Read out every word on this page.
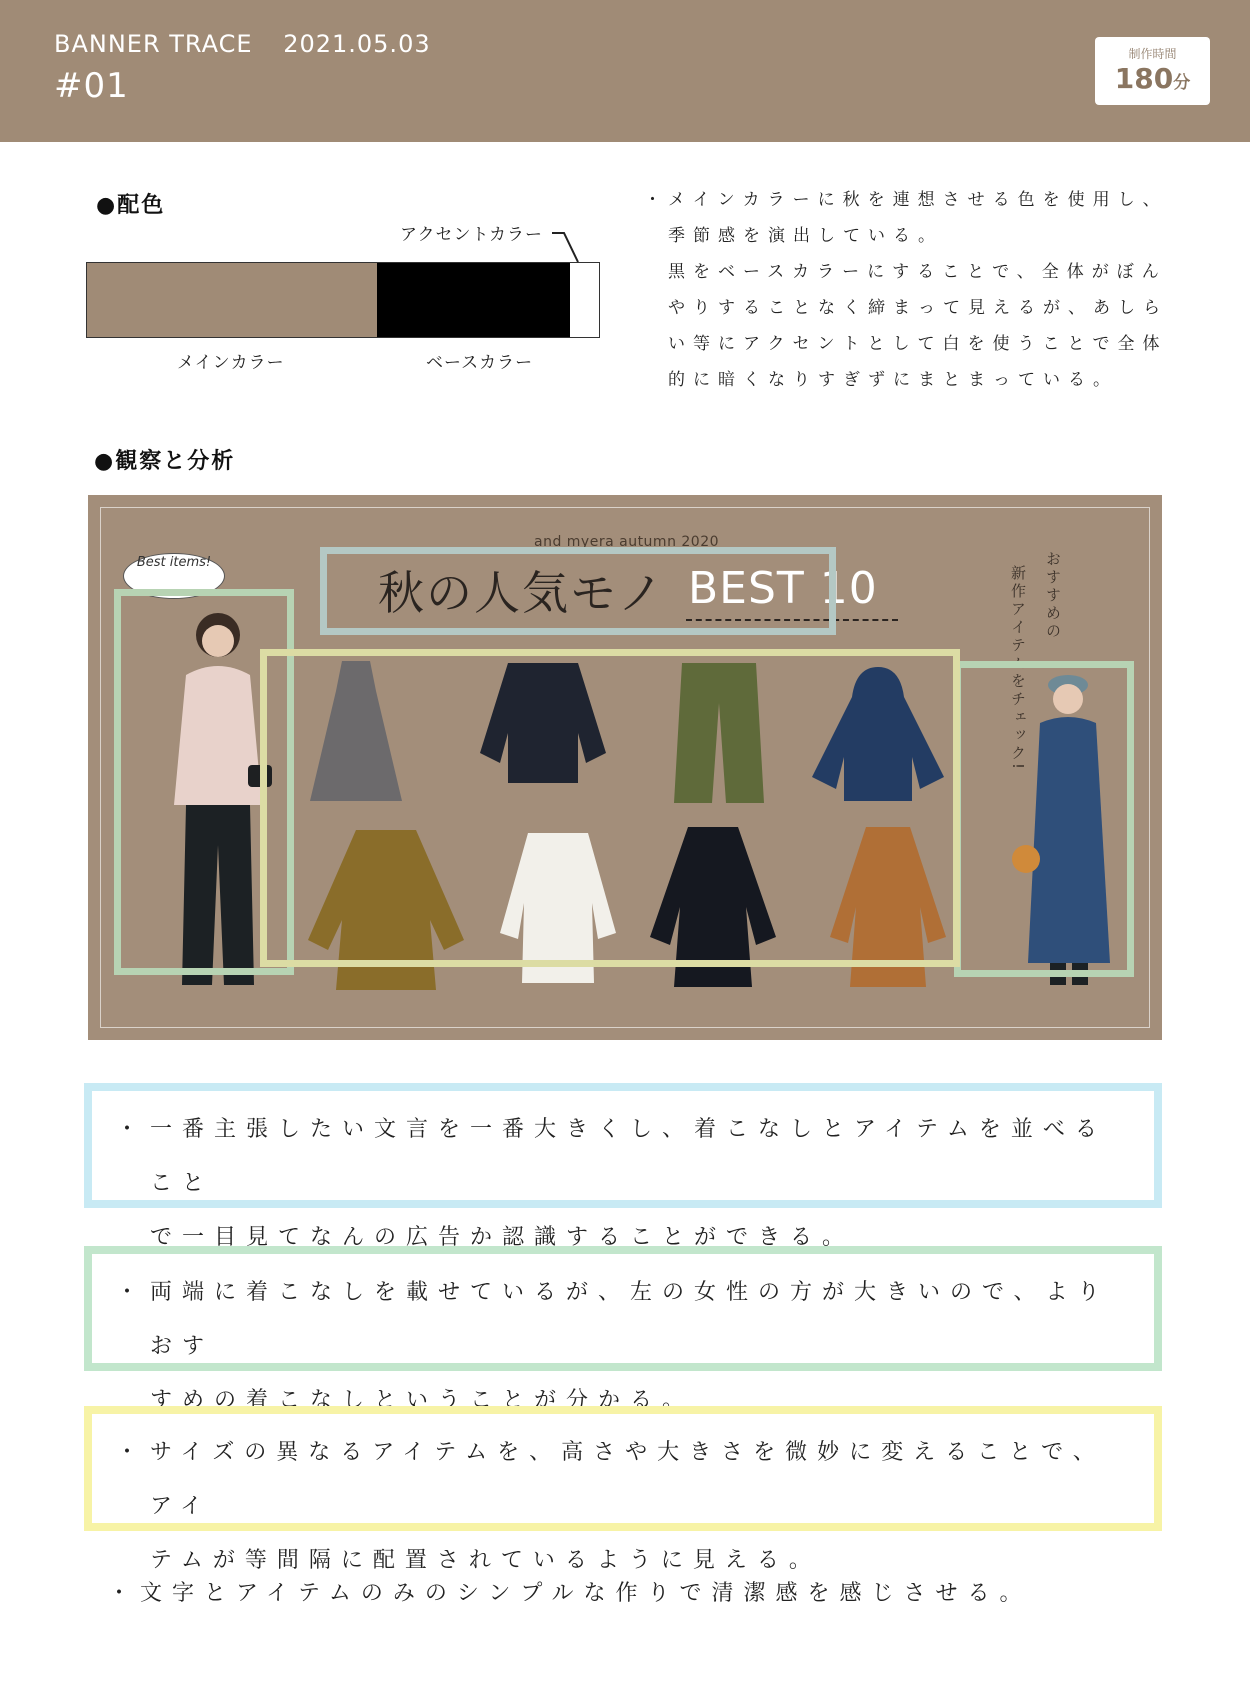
BANNER TRACE 2021.05.03
#01
制作時間
180分
●配色
アクセントカラー
メインカラー	ベースカラー
・ メインカラーに秋を連想させる色を使用し、
季節感を演出している。
黒をベースカラーにすることで、全体がぼん
やりすることなく締まって見えるが、あしら
い等にアクセントとして白を使うことで全体
的に暗くなりすぎずにまとまっている。
●観察と分析
and myera autumn 2020
秋の人気モノ BEST 10	おすすめの
新作アイテムをチェック!
Best items!
・ 一番主張したい文言を一番大きくし、着こなしとアイテムを並べること
で一目見てなんの広告か認識することができる。
・ 両端に着こなしを載せているが、左の女性の方が大きいので、よりおす
すめの着こなしということが分かる。
・ サイズの異なるアイテムを、高さや大きさを微妙に変えることで、アイ
テムが等間隔に配置されているように見える。
・文字とアイテムのみのシンプルな作りで清潔感を感じさせる。
